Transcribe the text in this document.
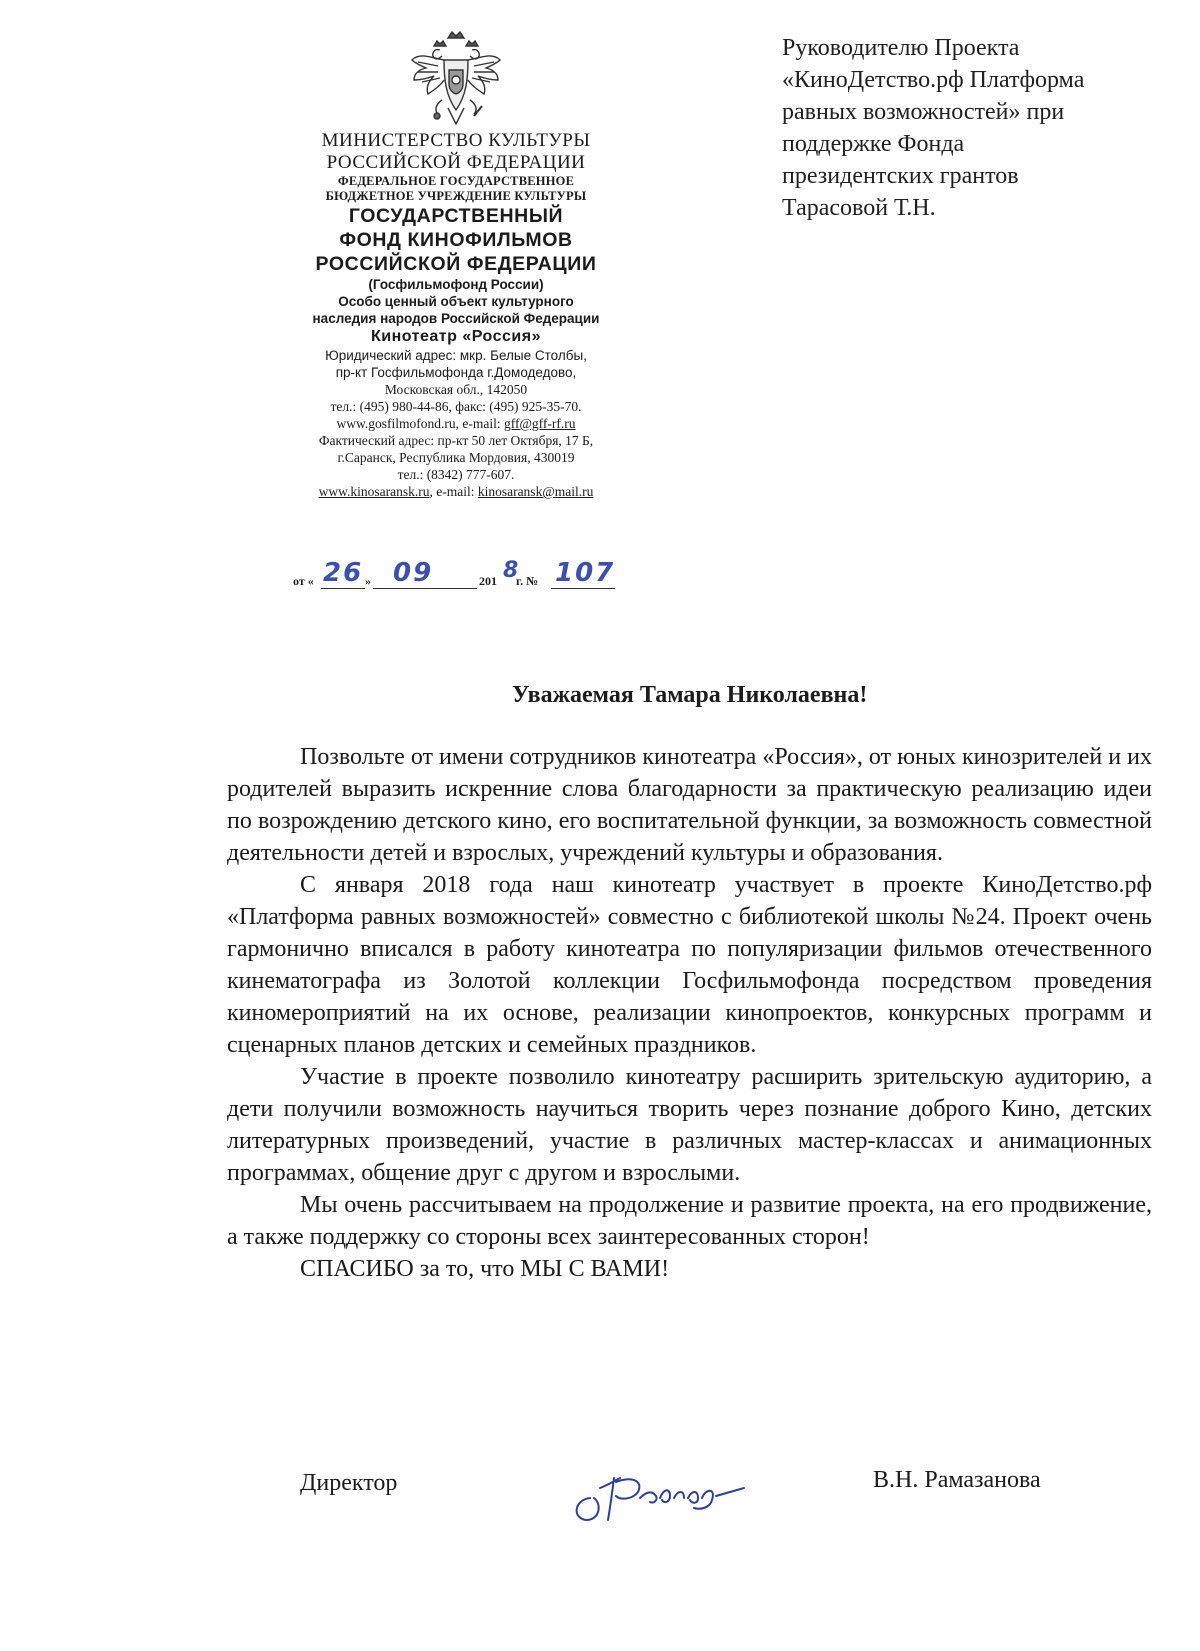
МИНИСТЕРСТВО КУЛЬТУРЫ
РОССИЙСКОЙ ФЕДЕРАЦИИ
ФЕДЕРАЛЬНОЕ ГОСУДАРСТВЕННОЕ
БЮДЖЕТНОЕ УЧРЕЖДЕНИЕ КУЛЬТУРЫ
ГОСУДАРСТВЕННЫЙ
ФОНД КИНОФИЛЬМОВ
РОССИЙСКОЙ ФЕДЕРАЦИИ
(Госфильмофонд России)
Особо ценный объект культурного
наследия народов Российской Федерации
Кинотеатр «Россия»
Юридический адрес: мкр. Белые Столбы,
пр-кт Госфильмофонда г.Домодедово,
Московская обл., 142050
тел.: (495) 980-44-86, факс: (495) 925-35-70.
www.gosfilmofond.ru, e-mail: gff@gff-rf.ru
Фактический адрес: пр-кт 50 лет Октября, 17 Б,
г.Саранск, Республика Мордовия, 430019
тел.: (8342) 777-607.
www.kinosaransk.ru, e-mail: kinosaransk@mail.ru
от « 26 » 09	201 8
г. № 107
Руководителю Проекта
«КиноДетство.рф Платформа
равных возможностей» при
поддержке Фонда
президентских грантов
Тарасовой Т.Н.
Уважаемая Тамара Николаевна!

Позвольте от имени сотрудников кинотеатра «Россия», от юных кинозрителей и их родителей выразить искренние слова благодарности за практическую реализацию идеи по возрождению детского кино, его воспитательной функции, за возможность совместной деятельности детей и взрослых, учреждений культуры и образования.

С января 2018 года наш кинотеатр участвует в проекте КиноДетство.рф «Платформа равных возможностей» совместно с библиотекой школы №24. Проект очень гармонично вписался в работу кинотеатра по популяризации фильмов отечественного кинематографа из Золотой коллекции Госфильмофонда посредством проведения киномероприятий на их основе, реализации кинопроектов, конкурсных программ и сценарных планов детских и семейных праздников.

Участие в проекте позволило кинотеатру расширить зрительскую аудиторию, а дети получили возможность научиться творить через познание доброго Кино, детских литературных произведений, участие в различных мастер-классах и анимационных программах, общение друг с другом и взрослыми.

Мы очень рассчитываем на продолжение и развитие проекта, на его продвижение, а также поддержку со стороны всех заинтересованных сторон!

СПАСИБО за то, что МЫ С ВАМИ!

Директор	В.Н. Рамазанова
